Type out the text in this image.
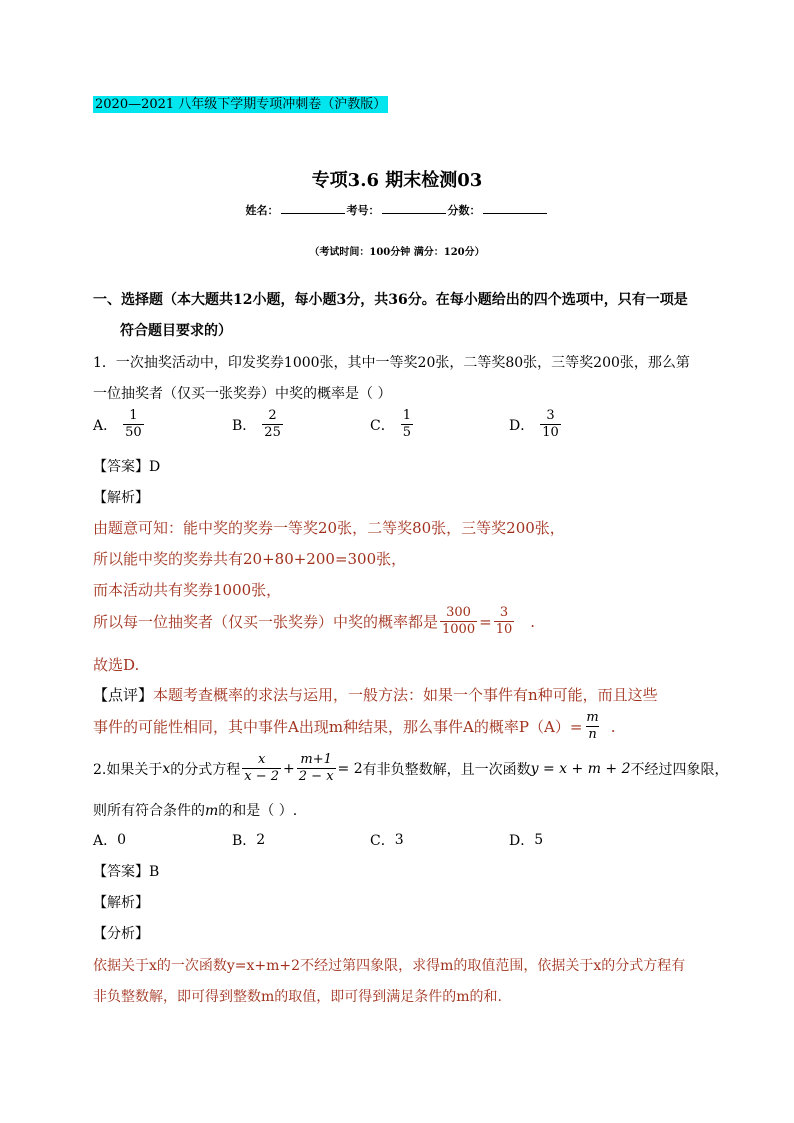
2020—2021 八年级下学期专项冲刺卷（沪教版）
专项3.6 期末检测03
姓名：	考号：	分数：
（考试时间：100分钟 满分：120分）
一、选择题（本大题共12小题，每小题3分，共36分。在每小题给出的四个选项中，只有一项是
符合题目要求的）
1．一次抽奖活动中，印发奖券1000张，其中一等奖20张，二等奖80张，三等奖200张，那么第
一位抽奖者（仅买一张奖券）中奖的概率是（ ）
A． $\frac{1}{50}$	B． $\frac{2}{25}$	C． $\frac{1}{5}$	D． $\frac{3}{10}$
【答案】D
【解析】
由题意可知：能中奖的奖券一等奖20张，二等奖80张，三等奖200张，
所以能中奖的奖券共有20+80+200=300张，
而本活动共有奖券1000张，
所以每一位抽奖者（仅买一张奖券）中奖的概率都是 $\frac{300}{1000} = \frac{3}{10}$ .
故选D.
【点评】本题考查概率的求法与运用，一般方法：如果一个事件有n种可能，而且这些
事件的可能性相同，其中事件A出现m种结果，那么事件A的概率$P(A)= \frac{m}{n}$ .
2.如果关于 x 的分式方程 $\frac{x}{x - 2} + \frac{m+1}{2 - x} = 2$ 有非负整数解，且一次函数 y = x + m + 2 不经过四象限，
则所有符合条件的m的和是（ ）.
A． 0	B． 2	C． 3	D． 5
【答案】B
【解析】
【分析】
依据关于x的一次函数y=x+m+2不经过第四象限，求得m的取值范围，依据关于x的分式方程有
非负整数解，即可得到整数m的取值，即可得到满足条件的m的和.
